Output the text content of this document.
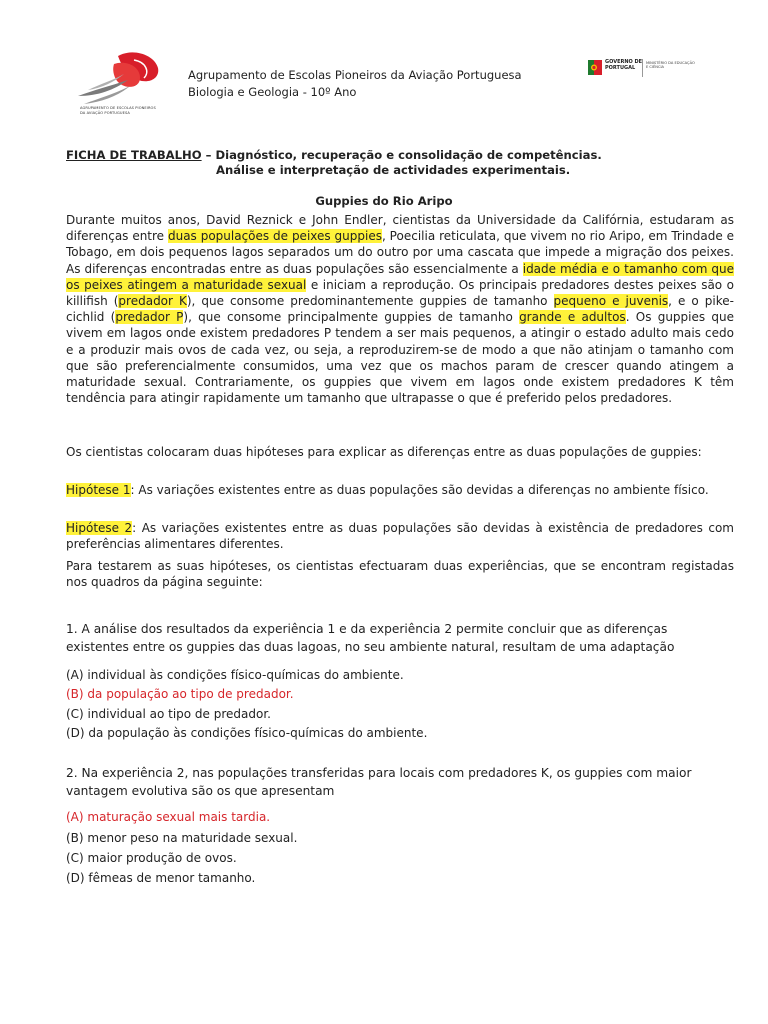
AGRUPAMENTO DE ESCOLAS PIONEIROS DA AVIAÇÃO PORTUGUESA
Agrupamento de Escolas Pioneiros da Aviação Portuguesa
Biologia e Geologia - 10º Ano
GOVERNO DE
PORTUGAL
MINISTÉRIO DA EDUCAÇÃO
E CIÊNCIA
FICHA DE TRABALHO – Diagnóstico, recuperação e consolidação de competências.
Análise e interpretação de actividades experimentais.
Guppies do Rio Aripo
Durante muitos anos, David Reznick e John Endler, cientistas da Universidade da Califórnia, estudaram as diferenças entre duas populações de peixes guppies, Poecilia reticulata, que vivem no rio Aripo, em Trindade e Tobago, em dois pequenos lagos separados um do outro por uma cascata que impede a migração dos peixes. As diferenças encontradas entre as duas populações são essencialmente a idade média e o tamanho com que os peixes atingem a maturidade sexual e iniciam a reprodução. Os principais predadores destes peixes são o killifish (predador K), que consome predominantemente guppies de tamanho pequeno e juvenis, e o pike-cichlid (predador P), que consome principalmente guppies de tamanho grande e adultos. Os guppies que vivem em lagos onde existem predadores P tendem a ser mais pequenos, a atingir o estado adulto mais cedo e a produzir mais ovos de cada vez, ou seja, a reproduzirem-se de modo a que não atinjam o tamanho com que são preferencialmente consumidos, uma vez que os machos param de crescer quando atingem a maturidade sexual. Contrariamente, os guppies que vivem em lagos onde existem predadores K têm tendência para atingir rapidamente um tamanho que ultrapasse o que é preferido pelos predadores.
Os cientistas colocaram duas hipóteses para explicar as diferenças entre as duas populações de guppies:
Hipótese 1: As variações existentes entre as duas populações são devidas a diferenças no ambiente físico.
Hipótese 2: As variações existentes entre as duas populações são devidas à existência de predadores com preferências alimentares diferentes.
Para testarem as suas hipóteses, os cientistas efectuaram duas experiências, que se encontram registadas nos quadros da página seguinte:
1. A análise dos resultados da experiência 1 e da experiência 2 permite concluir que as diferenças existentes entre os guppies das duas lagoas, no seu ambiente natural, resultam de uma adaptação
(A) individual às condições físico-químicas do ambiente.
(B) da população ao tipo de predador.
(C) individual ao tipo de predador.
(D) da população às condições físico-químicas do ambiente.
2. Na experiência 2, nas populações transferidas para locais com predadores K, os guppies com maior vantagem evolutiva são os que apresentam
(A) maturação sexual mais tardia.
(B) menor peso na maturidade sexual.
(C) maior produção de ovos.
(D) fêmeas de menor tamanho.
